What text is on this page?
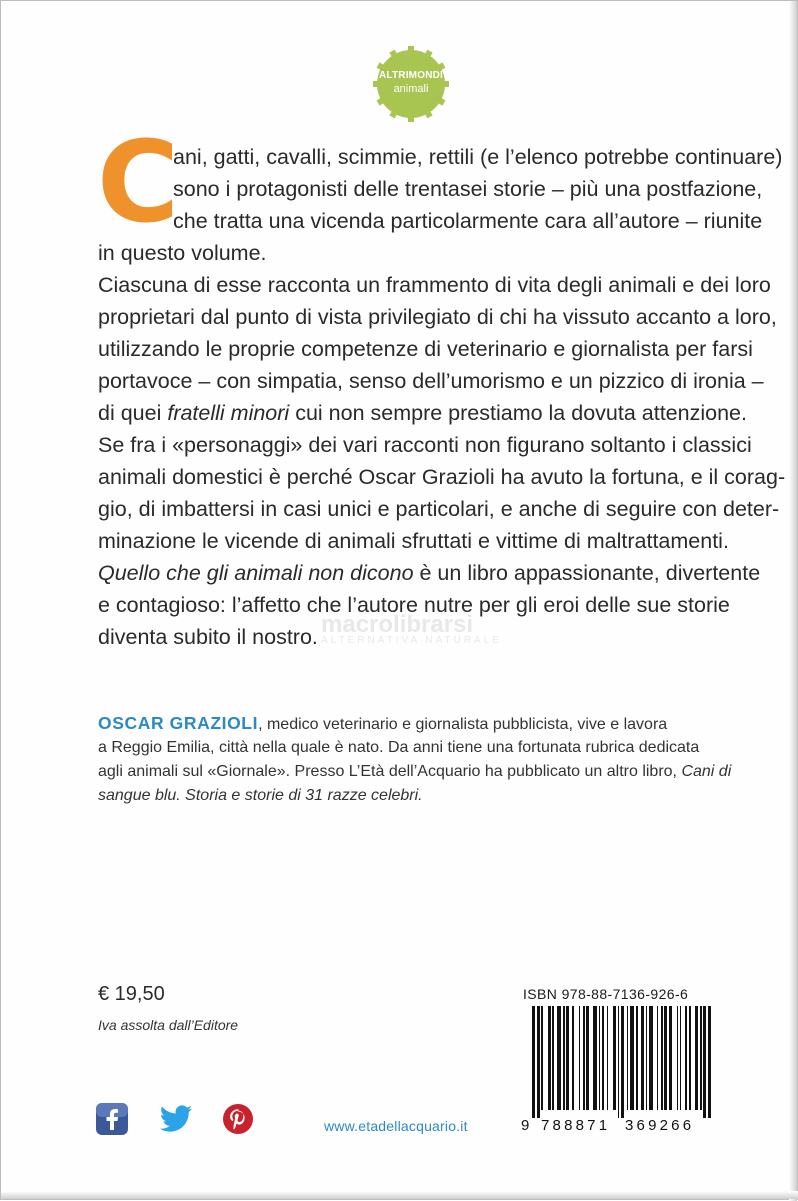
ALTRIMONDI
animali
C
ani, gatti, cavalli, scimmie, rettili (e l’elenco potrebbe continuare)
sono i protagonisti delle trentasei storie – più una postfazione,
che tratta una vicenda particolarmente cara all’autore – riunite
in questo volume.
Ciascuna di esse racconta un frammento di vita degli animali e dei loro
proprietari dal punto di vista privilegiato di chi ha vissuto accanto a loro,
utilizzando le proprie competenze di veterinario e giornalista per farsi
portavoce – con simpatia, senso dell’umorismo e un pizzico di ironia –
di quei fratelli minori cui non sempre prestiamo la dovuta attenzione.
Se fra i «personaggi» dei vari racconti non figurano soltanto i classici
animali domestici è perché Oscar Grazioli ha avuto la fortuna, e il corag-
gio, di imbattersi in casi unici e particolari, e anche di seguire con deter-
minazione le vicende di animali sfruttati e vittime di maltrattamenti.
Quello che gli animali non dicono è un libro appassionante, divertente
e contagioso: l’affetto che l’autore nutre per gli eroi delle sue storie
diventa subito il nostro. macrolibrarsi
ALTERNATIVA NATURALE
OSCAR GRAZIOLI, medico veterinario e giornalista pubblicista, vive e lavora
a Reggio Emilia, città nella quale è nato. Da anni tiene una fortunata rubrica dedicata
agli animali sul «Giornale». Presso L’Età dell’Acquario ha pubblicato un altro libro, Cani di
sangue blu. Storia e storie di 31 razze celebri.
€ 19,50
Iva assolta dall’Editore
www.etadellacquario.it
ISBN 978-88-7136-926-6
9 788871 369266
